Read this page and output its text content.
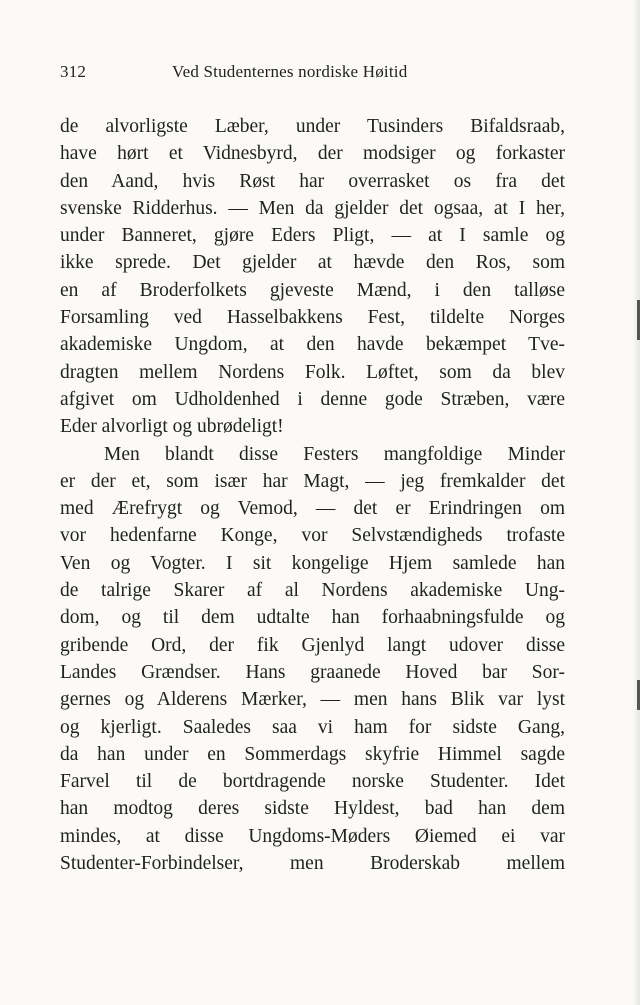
312	Ved Studenternes nordiske Høitid
de alvorligste Læber, under Tusinders Bifaldsraab,
have hørt et Vidnesbyrd, der modsiger og forkaster
den Aand, hvis Røst har overrasket os fra det
svenske Ridderhus. — Men da gjelder det ogsaa, at I her,
under Banneret, gjøre Eders Pligt, — at I samle og
ikke sprede. Det gjelder at hævde den Ros, som
en af Broderfolkets gjeveste Mænd, i den talløse
Forsamling ved Hasselbakkens Fest, tildelte Norges
akademiske Ungdom, at den havde bekæmpet Tve-
dragten mellem Nordens Folk. Løftet, som da blev
afgivet om Udholdenhed i denne gode Stræben, være
Eder alvorligt og ubrødeligt!
Men blandt disse Festers mangfoldige Minder
er der et, som især har Magt, — jeg fremkalder det
med Ærefrygt og Vemod, — det er Erindringen om
vor hedenfarne Konge, vor Selvstændigheds trofaste
Ven og Vogter. I sit kongelige Hjem samlede han
de talrige Skarer af al Nordens akademiske Ung-
dom, og til dem udtalte han forhaabningsfulde og
gribende Ord, der fik Gjenlyd langt udover disse
Landes Grændser. Hans graanede Hoved bar Sor-
gernes og Alderens Mærker, — men hans Blik var lyst
og kjerligt. Saaledes saa vi ham for sidste Gang,
da han under en Sommerdags skyfrie Himmel sagde
Farvel til de bortdragende norske Studenter. Idet
han modtog deres sidste Hyldest, bad han dem
mindes, at disse Ungdoms-Møders Øiemed ei var
Studenter-Forbindelser, men Broderskab mellem
